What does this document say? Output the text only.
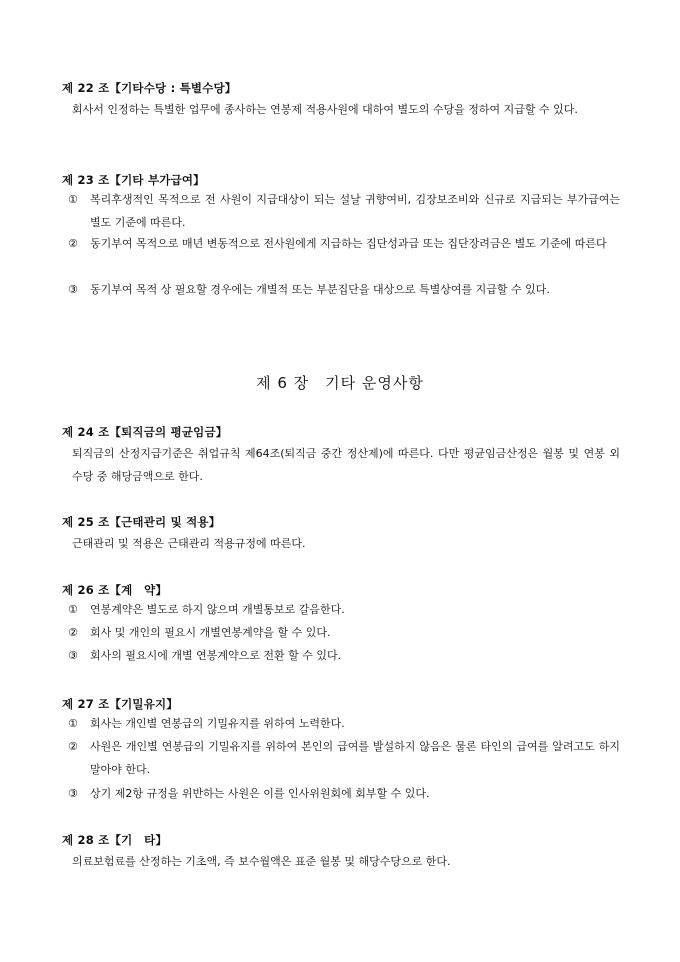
제 22 조【기타수당 : 특별수당】
회사서 인정하는 특별한 업무에 종사하는 연봉제 적용사원에 대하여 별도의 수당을 정하여 지급할 수 있다.
제 23 조【기타 부가급여】
①	복리후생적인 목적으로 전 사원이 지급대상이 되는 설날 귀향여비, 김장보조비와 신규로 지급되는 부가급여는 별도 기준에 따른다.
②	동기부여 목적으로 매년 변동적으로 전사원에게 지급하는 집단성과급 또는 집단장려금은 별도 기준에 따른다
③	동기부여 목적 상 필요할 경우에는 개별적 또는 부분집단을 대상으로 특별상여를 지급할 수 있다.
제 6 장　기타 운영사항
제 24 조【퇴직금의 평균임금】
퇴직금의 산정지급기준은 취업규칙 제64조(퇴직금 중간 정산제)에 따른다. 다만 평균임금산정은 월봉 및 연봉 외 수당 중 해당금액으로 한다.
제 25 조【근태관리 및 적용】
근태관리 및 적용은 근태관리 적용규정에 따른다.
제 26 조【계　약】
①	연봉계약은 별도로 하지 않으며 개별통보로 갈음한다.
②	회사 및 개인의 필요시 개별연봉계약을 할 수 있다.
③	회사의 필요시에 개별 연봉계약으로 전환 할 수 있다.
제 27 조【기밀유지】
①	회사는 개인별 연봉급의 기밀유지를 위하여 노력한다.
②	사원은 개인별 연봉급의 기밀유지를 위하여 본인의 급여를 발설하지 않음은 물론 타인의 급여를 알려고도 하지 말아야 한다.
③	상기 제2항 규정을 위반하는 사원은 이를 인사위원회에 회부할 수 있다.
제 28 조【기　타】
의료보험료를 산정하는 기초액, 즉 보수월액은 표준 월봉 및 해당수당으로 한다.
